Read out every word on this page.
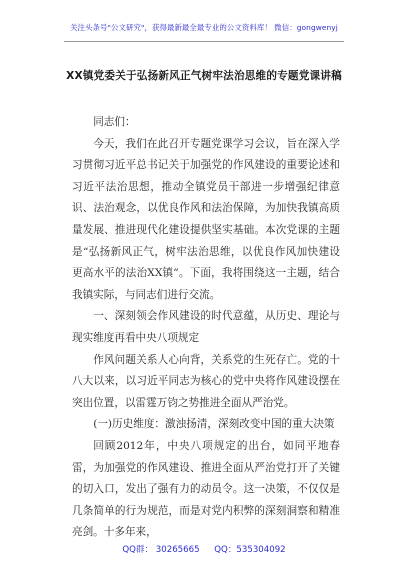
关注头条号"公文研究"，获得最新最全最专业的公文资料库！ 微信：gongwenyj
XX镇党委关于弘扬新风正气树牢法治思维的专题党课讲稿

同志们：

今天，我们在此召开专题党课学习会议，旨在深入学习贯彻习近平总书记关于加强党的作风建设的重要论述和习近平法治思想，推动全镇党员干部进一步增强纪律意识、法治观念，以优良作风和法治保障，为加快我镇高质量发展、推进现代化建设提供坚实基础。本次党课的主题是“弘扬新风正气，树牢法治思维，以优良作风加快建设更高水平的法治XX镇”。下面，我将围绕这一主题，结合我镇实际，与同志们进行交流。

一、深刻领会作风建设的时代意蕴，从历史、理论与现实维度再看中央八项规定

作风问题关系人心向背，关系党的生死存亡。党的十八大以来，以习近平同志为核心的党中央将作风建设摆在突出位置，以雷霆万钧之势推进全面从严治党。

(一)历史维度：激浊扬清，深刻改变中国的重大决策

回顾2012年，中央八项规定的出台，如同平地春雷，为加强党的作风建设、推进全面从严治党打开了关键的切入口，发出了强有力的动员令。这一决策，不仅仅是几条简单的行为规范，而是对党内积弊的深刻洞察和精准亮剑。十多年来，

QQ群： 30265665 QQ：535304092
